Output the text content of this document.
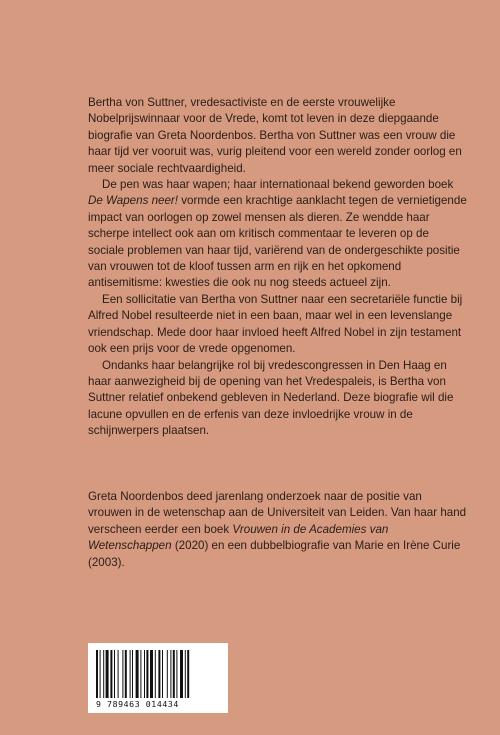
Bertha von Suttner, vredesactiviste en de eerste vrouwelijke Nobelprijswinnaar voor de Vrede, komt tot leven in deze diepgaande biografie van Greta Noordenbos. Bertha von Suttner was een vrouw die haar tijd ver vooruit was, vurig pleitend voor een wereld zonder oorlog en meer sociale rechtvaardigheid.

De pen was haar wapen; haar internationaal bekend geworden boek De Wapens neer! vormde een krachtige aanklacht tegen de vernietigende impact van oorlogen op zowel mensen als dieren. Ze wendde haar scherpe intellect ook aan om kritisch commentaar te leveren op de sociale problemen van haar tijd, variërend van de ondergeschikte positie van vrouwen tot de kloof tussen arm en rijk en het opkomend antisemitisme: kwesties die ook nu nog steeds actueel zijn.

Een sollicitatie van Bertha von Suttner naar een secretariële functie bij Alfred Nobel resulteerde niet in een baan, maar wel in een levenslange vriendschap. Mede door haar invloed heeft Alfred Nobel in zijn testament ook een prijs voor de vrede opgenomen.

Ondanks haar belangrijke rol bij vredescongressen in Den Haag en haar aanwezigheid bij de opening van het Vredespaleis, is Bertha von Suttner relatief onbekend gebleven in Nederland. Deze biografie wil die lacune opvullen en de erfenis van deze invloedrijke vrouw in de schijnwerpers plaatsen.

Greta Noordenbos deed jarenlang onderzoek naar de positie van vrouwen in de wetenschap aan de Universiteit van Leiden. Van haar hand verscheen eerder een boek Vrouwen in de Academies van Wetenschappen (2020) en een dubbelbiografie van Marie en Irène Curie (2003).

9 789463 014434
